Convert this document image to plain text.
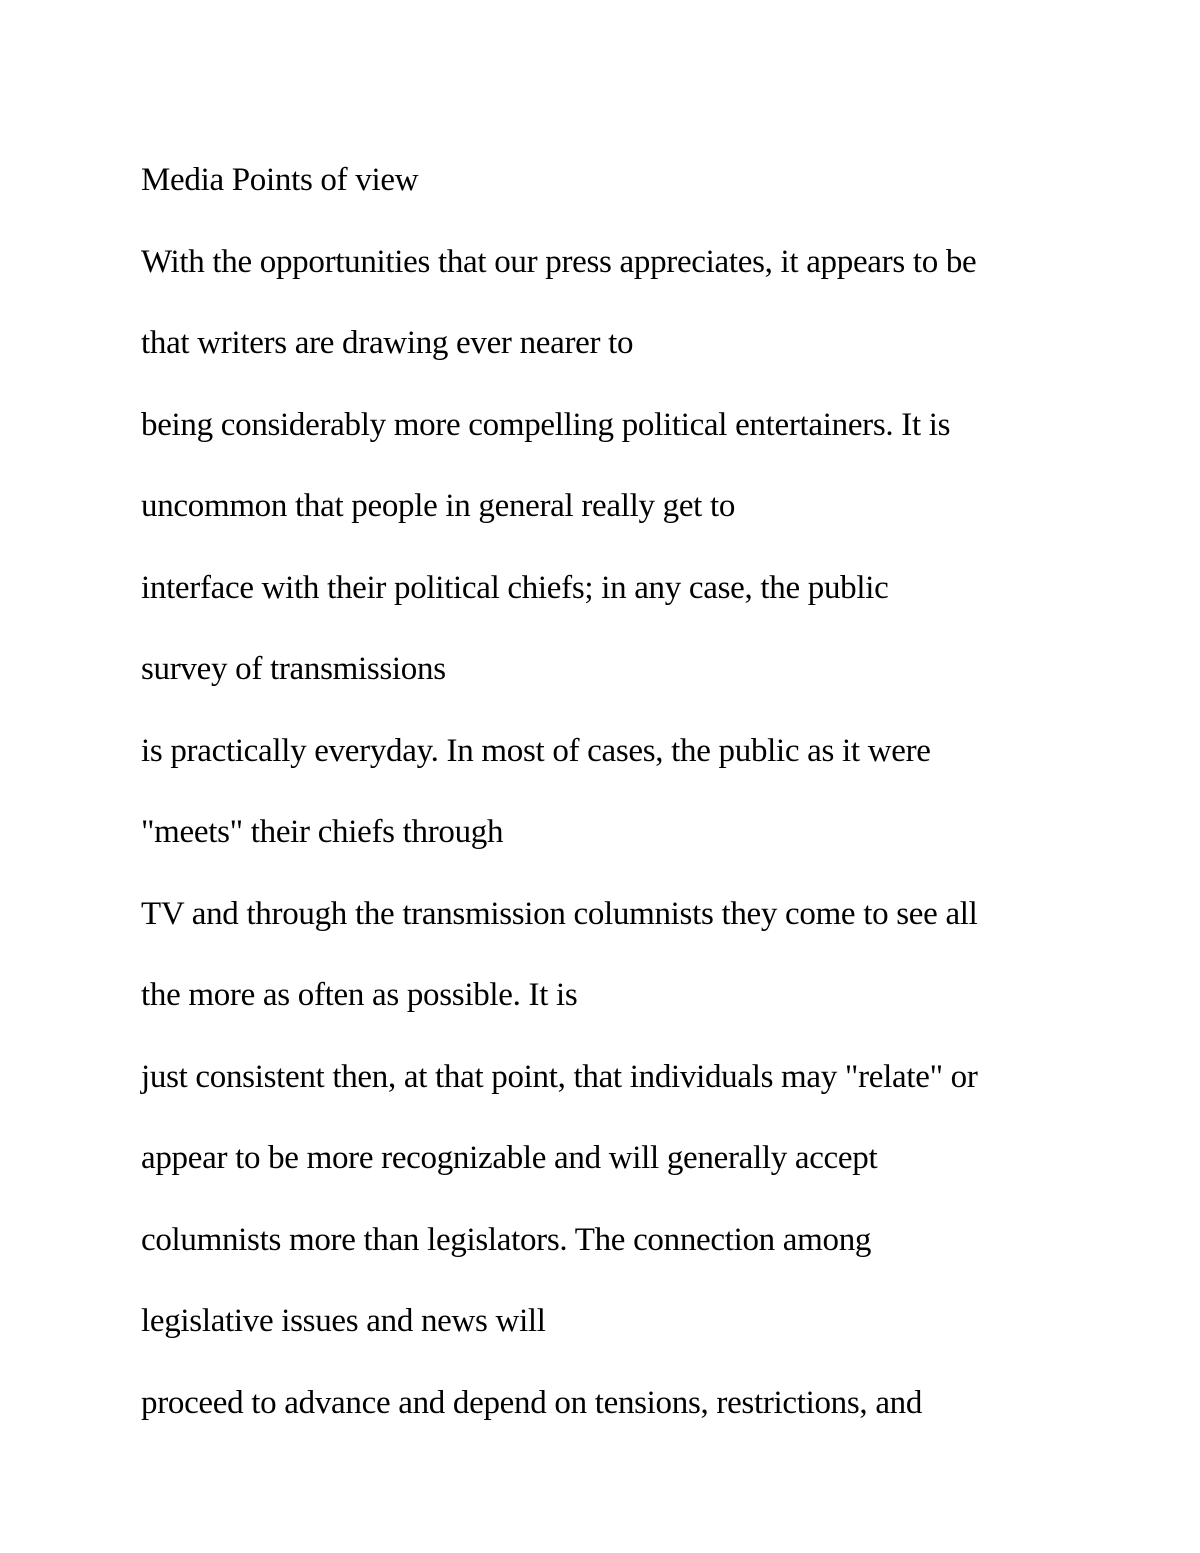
Media Points of view
With the opportunities that our press appreciates, it appears to be
that writers are drawing ever nearer to
being considerably more compelling political entertainers. It is
uncommon that people in general really get to
interface with their political chiefs; in any case, the public
survey of transmissions
is practically everyday. In most of cases, the public as it were
"meets" their chiefs through
TV and through the transmission columnists they come to see all
the more as often as possible. It is
just consistent then, at that point, that individuals may "relate" or
appear to be more recognizable and will generally accept
columnists more than legislators. The connection among
legislative issues and news will
proceed to advance and depend on tensions, restrictions, and
